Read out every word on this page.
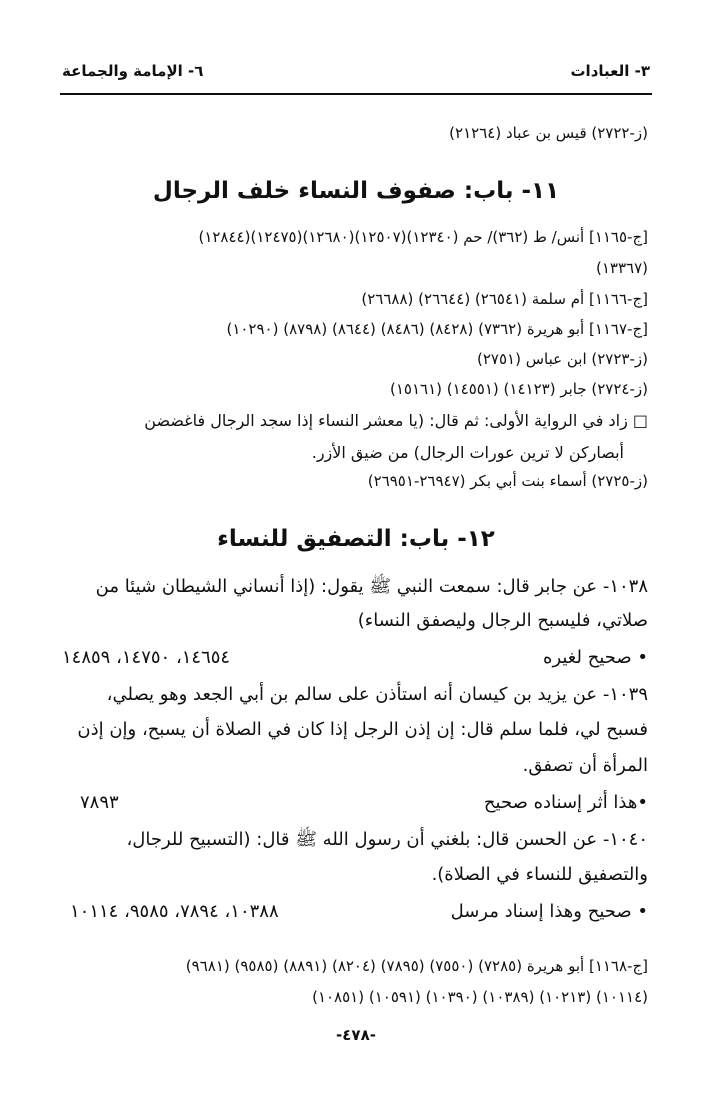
٣- العبادات
٦- الإمامة والجماعة
(ز-٢٧٢٢) قيس بن عباد (٢١٢٦٤)
١١- باب: صفوف النساء خلف الرجال
[ج-١١٦٥] أنس/ ط (٣٦٢)/ حم (١٢٣٤٠)(١٢٥٠٧)(١٢٦٨٠)(١٢٤٧٥)(١٢٨٤٤)
(١٣٣٦٧)
[ج-١١٦٦] أم سلمة (٢٦٥٤١) (٢٦٦٤٤) (٢٦٦٨٨)
[ج-١١٦٧] أبو هريرة (٧٣٦٢) (٨٤٢٨) (٨٤٨٦) (٨٦٤٤) (٨٧٩٨) (١٠٢٩٠)
(ز-٢٧٢٣) ابن عباس (٢٧٥١)
(ز-٢٧٢٤) جابر (١٤١٢٣) (١٤٥٥١) (١٥١٦١)
□ زاد في الرواية الأولى: ثم قال: (يا معشر النساء إذا سجد الرجال فاغضضن
أبصاركن لا ترين عورات الرجال) من ضيق الأزر.
(ز-٢٧٢٥) أسماء بنت أبي بكر (٢٦٩٤٧-٢٦٩٥١)
١٢- باب: التصفيق للنساء
١٠٣٨- عن جابر قال: سمعت النبي ﷺ يقول: (إذا أنساني الشيطان شيئا من
صلاتي، فليسبح الرجال وليصفق النساء)
• صحيح لغيره
١٤٦٥٤، ١٤٧٥٠، ١٤٨٥٩
١٠٣٩- عن يزيد بن كيسان أنه استأذن على سالم بن أبي الجعد وهو يصلي،
فسبح لي، فلما سلم قال: إن إذن الرجل إذا كان في الصلاة أن يسبح، وإن إذن
المرأة أن تصفق.
•هذا أثر إسناده صحيح
٧٨٩٣
١٠٤٠- عن الحسن قال: بلغني أن رسول الله ﷺ قال: (التسبيح للرجال،
والتصفيق للنساء في الصلاة).
• صحيح وهذا إسناد مرسل
١٠٣٨٨، ٧٨٩٤، ٩٥٨٥، ١٠١١٤
[ج-١١٦٨] أبو هريرة (٧٢٨٥) (٧٥٥٠) (٧٨٩٥) (٨٢٠٤) (٨٨٩١) (٩٥٨٥) (٩٦٨١)
(١٠١١٤) (١٠٢١٣) (١٠٣٨٩) (١٠٣٩٠) (١٠٥٩١) (١٠٨٥١)
-٤٧٨-
